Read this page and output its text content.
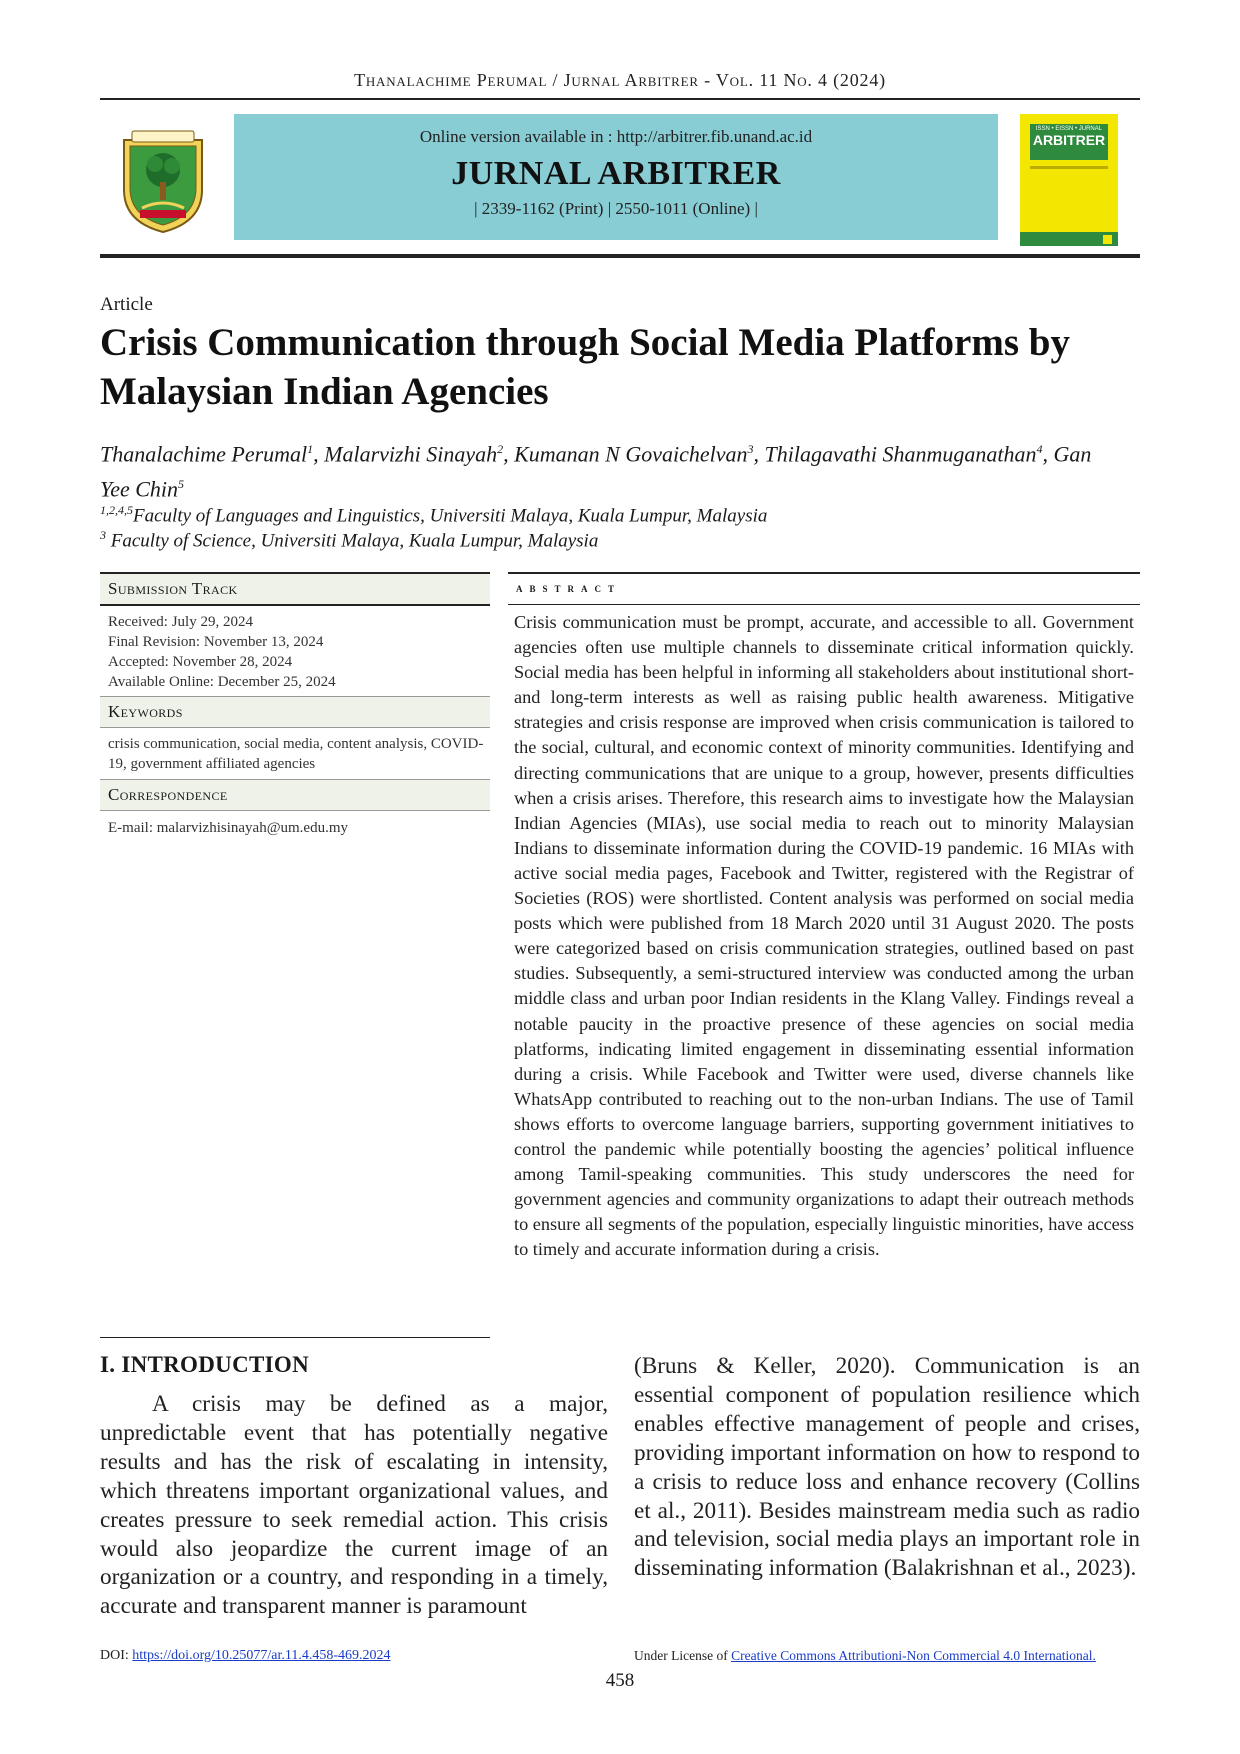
Thanalachime Perumal / Jurnal Arbitrer - Vol. 11 No. 4 (2024)
Online version available in : http://arbitrer.fib.unand.ac.id
JURNAL ARBITRER
| 2339-1162 (Print) | 2550-1011 (Online) |
ISSN • EISSN • JURNAL
ARBITRER
Article
Crisis Communication through Social Media Platforms by Malaysian Indian Agencies
Thanalachime Perumal$^1$, Malarvizhi Sinayah$^2$, Kumanan N Govaichelvan$^3$, Thilagavathi Shanmuganathan$^4$, Gan Yee Chin$^5$
$^{1,2,4,5}$Faculty of Languages and Linguistics, Universiti Malaya, Kuala Lumpur, Malaysia
$^3$ Faculty of Science, Universiti Malaya, Kuala Lumpur, Malaysia
Submission Track
Received: July 29, 2024
Final Revision: November 13, 2024
Accepted: November 28, 2024
Available Online: December 25, 2024
Keywords
crisis communication, social media, content analysis, COVID-19, government affiliated agencies
Correspondence
E-mail: malarvizhisinayah@um.edu.my
abstract
Crisis communication must be prompt, accurate, and accessible to all. Government agencies often use multiple channels to disseminate critical information quickly. Social media has been helpful in informing all stakeholders about institutional short- and long-term interests as well as raising public health awareness. Mitigative strategies and crisis response are improved when crisis communication is tailored to the social, cultural, and economic context of minority communities. Identifying and directing communications that are unique to a group, however, presents difficulties when a crisis arises. Therefore, this research aims to investigate how the Malaysian Indian Agencies (MIAs), use social media to reach out to minority Malaysian Indians to disseminate information during the COVID-19 pandemic. 16 MIAs with active social media pages, Facebook and Twitter, registered with the Registrar of Societies (ROS) were shortlisted. Content analysis was performed on social media posts which were published from 18 March 2020 until 31 August 2020. The posts were categorized based on crisis communication strategies, outlined based on past studies. Subsequently, a semi-structured interview was conducted among the urban middle class and urban poor Indian residents in the Klang Valley. Findings reveal a notable paucity in the proactive presence of these agencies on social media platforms, indicating limited engagement in disseminating essential information during a crisis. While Facebook and Twitter were used, diverse channels like WhatsApp contributed to reaching out to the non-urban Indians. The use of Tamil shows efforts to overcome language barriers, supporting government initiatives to control the pandemic while potentially boosting the agencies’ political influence among Tamil-speaking communities. This study underscores the need for government agencies and community organizations to adapt their outreach methods to ensure all segments of the population, especially linguistic minorities, have access to timely and accurate information during a crisis.
I. INTRODUCTION
A crisis may be defined as a major, unpredictable event that has potentially negative results and has the risk of escalating in intensity, which threatens important organizational values, and creates pressure to seek remedial action. This crisis would also jeopardize the current image of an organization or a country, and responding in a timely, accurate and transparent manner is paramount
(Bruns & Keller, 2020). Communication is an essential component of population resilience which enables effective management of people and crises, providing important information on how to respond to a crisis to reduce loss and enhance recovery (Collins et al., 2011). Besides mainstream media such as radio and television, social media plays an important role in disseminating information (Balakrishnan et al., 2023).
DOI: https://doi.org/10.25077/ar.11.4.458-469.2024	Under License of Creative Commons Attributioni-Non Commercial 4.0 International.
458
